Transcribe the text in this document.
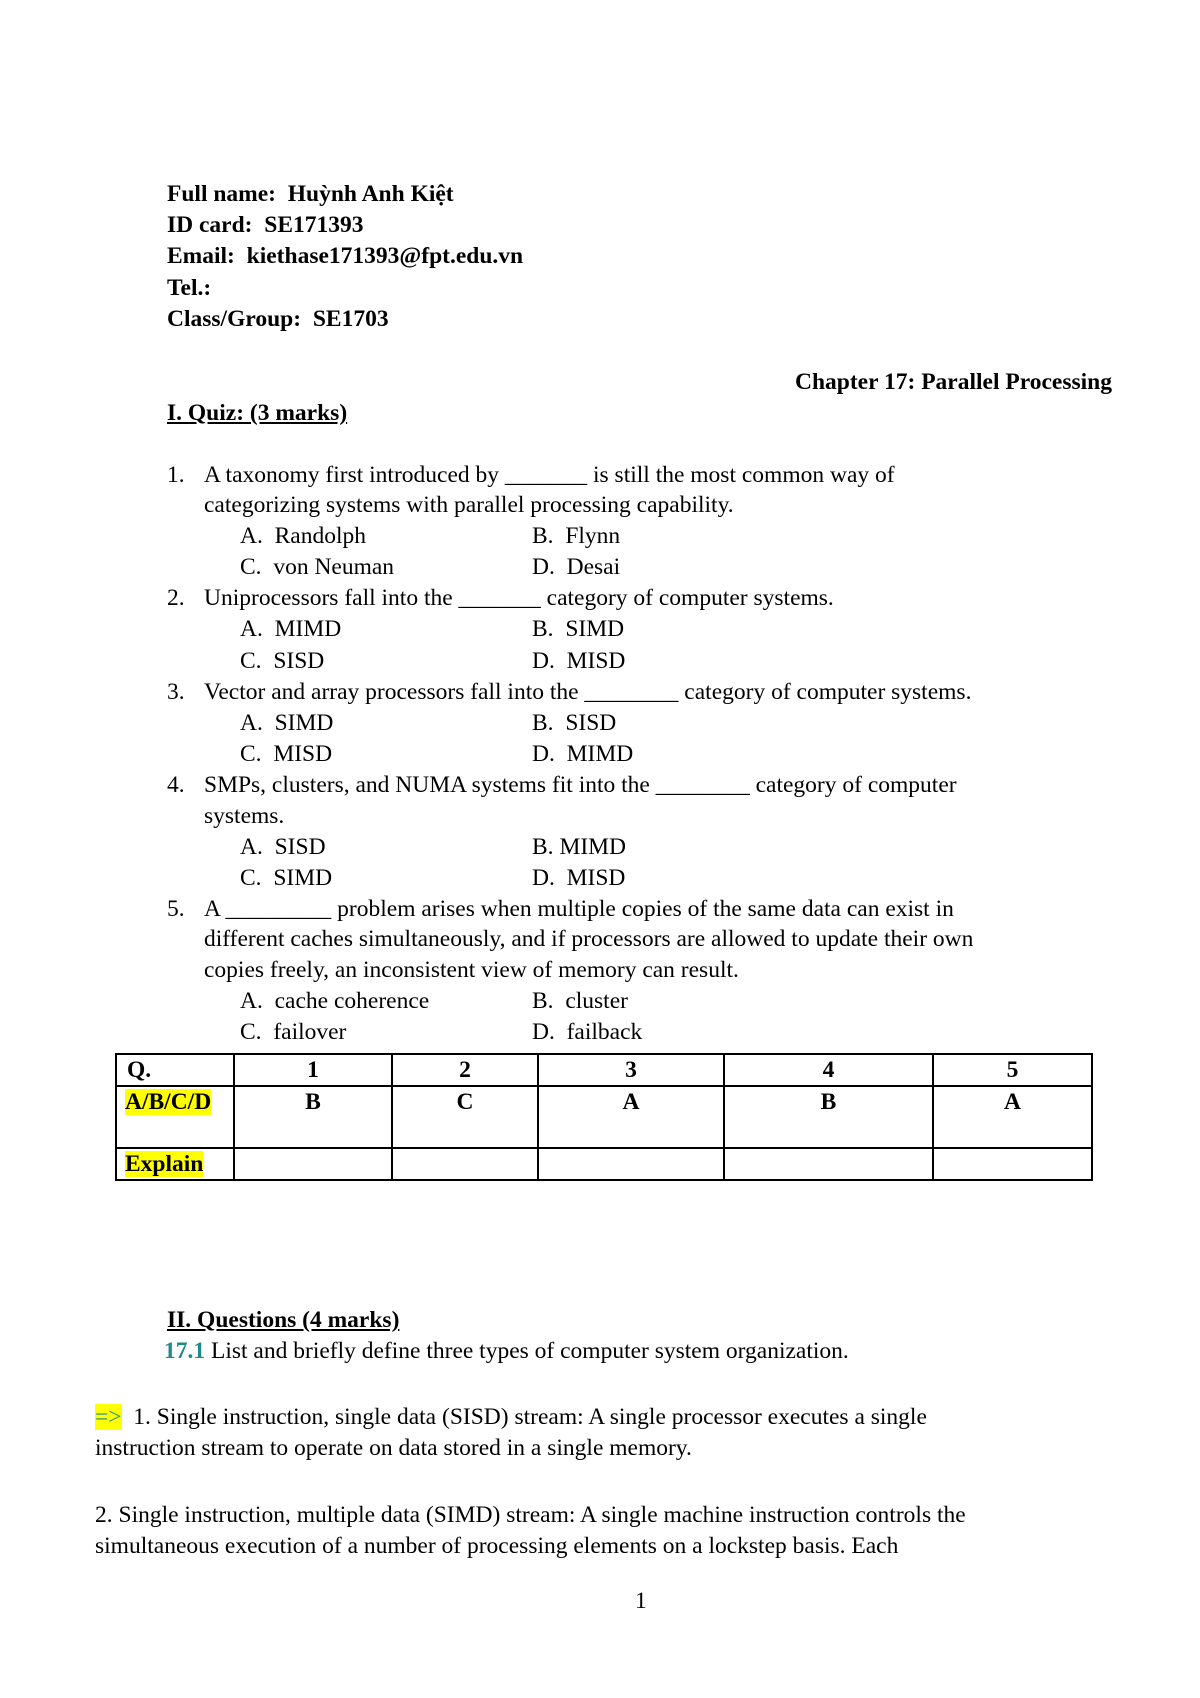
Full name: Huỳnh Anh Kiệt
ID card: SE171393
Email: kiethase171393@fpt.edu.vn
Tel.:
Class/Group: SE1703
Chapter 17: Parallel Processing
I. Quiz: (3 marks)
1. A taxonomy first introduced by _______ is still the most common way of
categorizing systems with parallel processing capability.
A. Randolph	B. Flynn
C. von Neuman	D. Desai
2. Uniprocessors fall into the _______ category of computer systems.
A. MIMD	B. SIMD
C. SISD	D. MISD
3. Vector and array processors fall into the ________ category of computer systems.
A. SIMD	B. SISD
C. MISD	D. MIMD
4. SMPs, clusters, and NUMA systems fit into the ________ category of computer
systems.
A. SISD	B. MIMD
C. SIMD	D. MISD
5. A _________ problem arises when multiple copies of the same data can exist in
different caches simultaneously, and if processors are allowed to update their own
copies freely, an inconsistent view of memory can result.
A. cache coherence	B. cluster
C. failover	D. failback
Q.	1	2	3	4	5
A/B/C/D	B	C	A	B	A
Explain					
II. Questions (4 marks)
17.1 List and briefly define three types of computer system organization.
=> 1. Single instruction, single data (SISD) stream: A single processor executes a single
instruction stream to operate on data stored in a single memory.
2. Single instruction, multiple data (SIMD) stream: A single machine instruction controls the
simultaneous execution of a number of processing elements on a lockstep basis. Each
1
